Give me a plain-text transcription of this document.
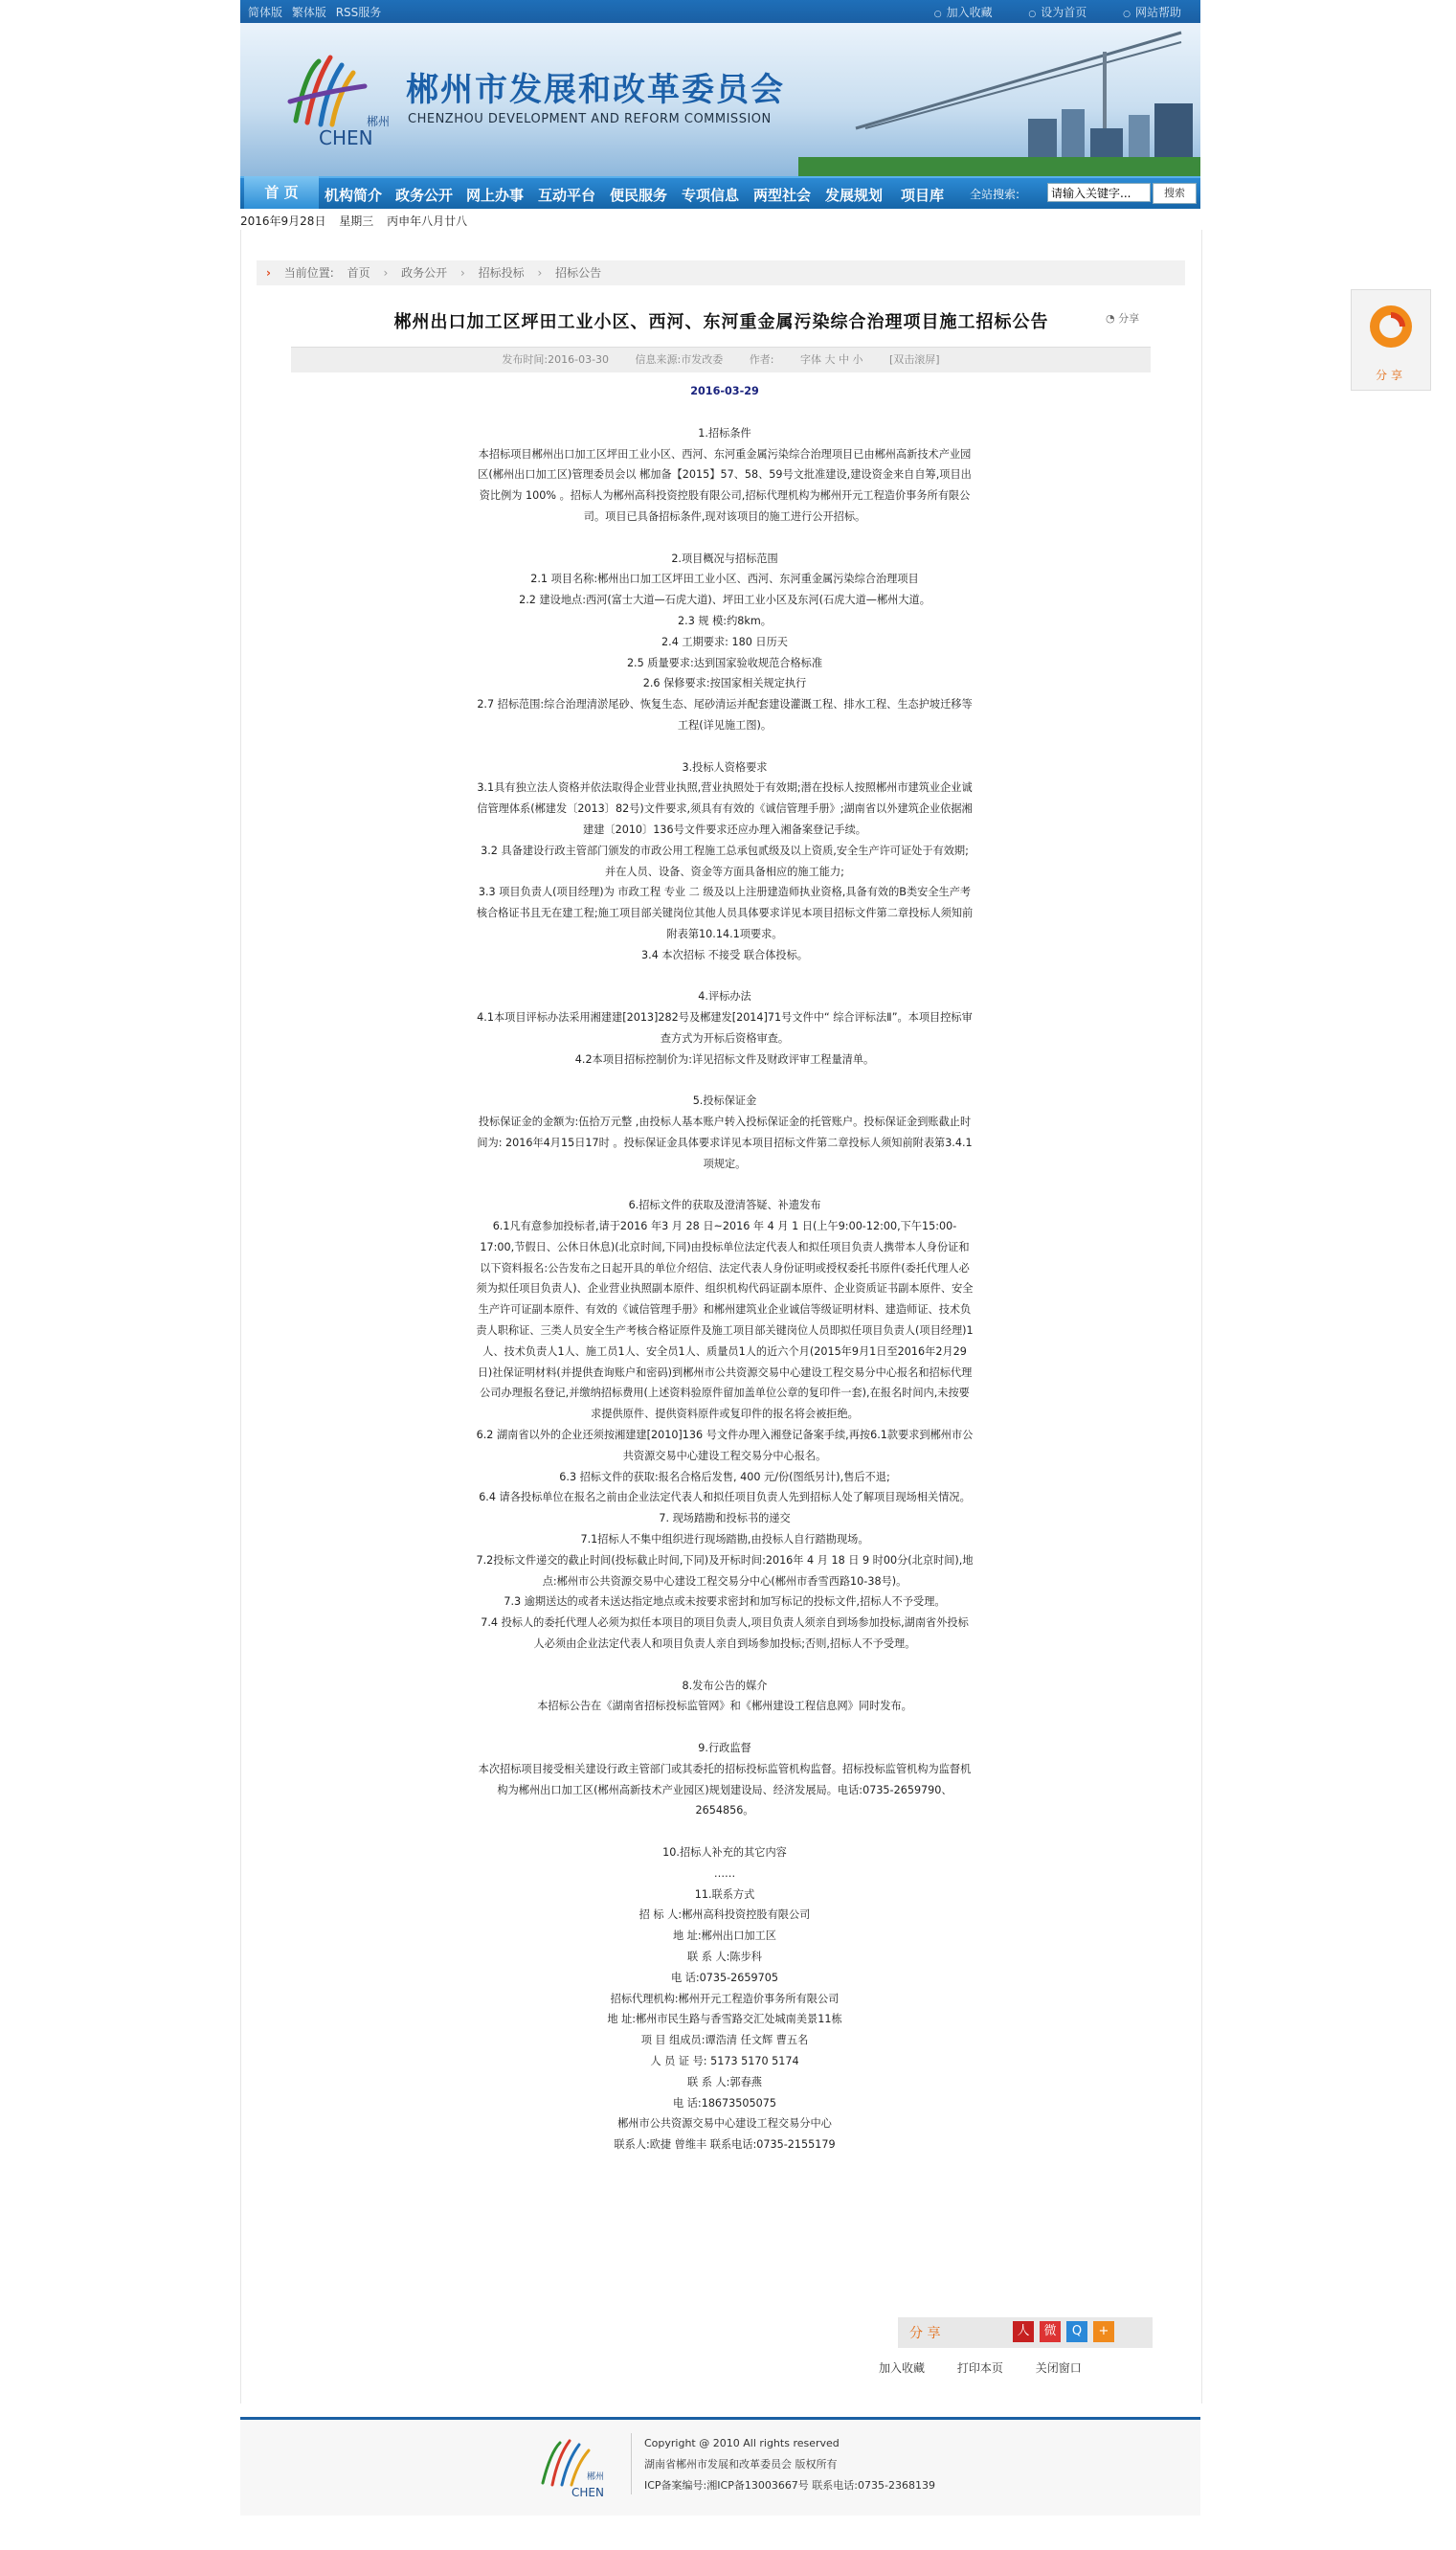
简体版 繁体版 RSS服务	○ 加入收藏	○ 设为首页	○ 网站帮助
郴州
CHEN
郴州市发展和改革委员会
CHENZHOU DEVELOPMENT AND REFORM COMMISSION
首 页	机构简介 政务公开 网上办事 互动平台 便民服务 专项信息 两型社会 发展规划 项目库 全站搜索:
请输入关键字...	搜索
2016年9月28日 星期三 丙申年八月廿八
› 当前位置: 首页 › 政务公开 › 招标投标 › 招标公告
郴州出口加工区坪田工业小区、西河、东河重金属污染综合治理项目施工招标公告	◔ 分享
发布时间:2016-03-30	信息来源:市发改委	作者:	字体 大 中 小	[双击滚屏]

2016-03-29

1.招标条件

本招标项目郴州出口加工区坪田工业小区、西河、东河重金属污染综合治理项目已由郴州高新技术产业园区(郴州出口加工区)管理委员会以 郴加备【2015】57、58、59号文批准建设,建设资金来自自筹,项目出资比例为 100% 。招标人为郴州高科投资控股有限公司,招标代理机构为郴州开元工程造价事务所有限公司。项目已具备招标条件,现对该项目的施工进行公开招标。

2.项目概况与招标范围

2.1 项目名称:郴州出口加工区坪田工业小区、西河、东河重金属污染综合治理项目

2.2 建设地点:西河(富士大道—石虎大道)、坪田工业小区及东河(石虎大道—郴州大道。

2.3 规 模:约8km。

2.4 工期要求: 180 日历天

2.5 质量要求:达到国家验收规范合格标准

2.6 保修要求:按国家相关规定执行

2.7 招标范围:综合治理清淤尾砂、恢复生态、尾砂清运并配套建设灌溉工程、排水工程、生态护坡迁移等工程(详见施工图)。

3.投标人资格要求

3.1具有独立法人资格并依法取得企业营业执照,营业执照处于有效期;潜在投标人按照郴州市建筑业企业诚信管理体系(郴建发〔2013〕82号)文件要求,须具有有效的《诚信管理手册》;湖南省以外建筑企业依据湘建建〔2010〕136号文件要求还应办理入湘备案登记手续。

3.2 具备建设行政主管部门颁发的市政公用工程施工总承包贰级及以上资质,安全生产许可证处于有效期;并在人员、设备、资金等方面具备相应的施工能力;

3.3 项目负责人(项目经理)为 市政工程 专业 二 级及以上注册建造师执业资格,具备有效的B类安全生产考核合格证书且无在建工程;施工项目部关键岗位其他人员具体要求详见本项目招标文件第二章投标人须知前附表第10.14.1项要求。

3.4 本次招标 不接受 联合体投标。

4.评标办法

4.1本项目评标办法采用湘建建[2013]282号及郴建发[2014]71号文件中“ 综合评标法Ⅱ”。本项目控标审查方式为开标后资格审查。

4.2本项目招标控制价为:详见招标文件及财政评审工程量清单。

5.投标保证金

投标保证金的金额为:伍拾万元整 ,由投标人基本账户转入投标保证金的托管账户。投标保证金到账截止时间为: 2016年4月15日17时 。投标保证金具体要求详见本项目招标文件第二章投标人须知前附表第3.4.1项规定。

6.招标文件的获取及澄清答疑、补遗发布

6.1凡有意参加投标者,请于2016 年3 月 28 日~2016 年 4 月 1 日(上午9:00-12:00,下午15:00-17:00,节假日、公休日休息)(北京时间,下同)由投标单位法定代表人和拟任项目负责人携带本人身份证和以下资料报名:公告发布之日起开具的单位介绍信、法定代表人身份证明或授权委托书原件(委托代理人必须为拟任项目负责人)、企业营业执照副本原件、组织机构代码证副本原件、企业资质证书副本原件、安全生产许可证副本原件、有效的《诚信管理手册》和郴州建筑业企业诚信等级证明材料、建造师证、技术负责人职称证、三类人员安全生产考核合格证原件及施工项目部关键岗位人员即拟任项目负责人(项目经理)1人、技术负责人1人、施工员1人、安全员1人、质量员1人的近六个月(2015年9月1日至2016年2月29日)社保证明材料(并提供查询账户和密码)到郴州市公共资源交易中心建设工程交易分中心报名和招标代理公司办理报名登记,并缴纳招标费用(上述资料验原件留加盖单位公章的复印件一套),在报名时间内,未按要求提供原件、提供资料原件或复印件的报名将会被拒绝。

6.2 湖南省以外的企业还须按湘建建[2010]136 号文件办理入湘登记备案手续,再按6.1款要求到郴州市公共资源交易中心建设工程交易分中心报名。

6.3 招标文件的获取:报名合格后发售, 400 元/份(图纸另计),售后不退;

6.4 请各投标单位在报名之前由企业法定代表人和拟任项目负责人先到招标人处了解项目现场相关情况。

7. 现场踏勘和投标书的递交

7.1招标人不集中组织进行现场踏勘,由投标人自行踏勘现场。

7.2投标文件递交的截止时间(投标截止时间,下同)及开标时间:2016年 4 月 18 日 9 时00分(北京时间),地点:郴州市公共资源交易中心建设工程交易分中心(郴州市香雪西路10-38号)。

7.3 逾期送达的或者未送达指定地点或未按要求密封和加写标记的投标文件,招标人不予受理。

7.4 投标人的委托代理人必须为拟任本项目的项目负责人,项目负责人须亲自到场参加投标,湖南省外投标人必须由企业法定代表人和项目负责人亲自到场参加投标;否则,招标人不予受理。

8.发布公告的媒介

本招标公告在《湖南省招标投标监管网》和《郴州建设工程信息网》同时发布。

9.行政监督

本次招标项目接受相关建设行政主管部门或其委托的招标投标监管机构监督。招标投标监管机构为监督机构为郴州出口加工区(郴州高新技术产业园区)规划建设局、经济发展局。电话:0735-2659790、2654856。

10.招标人补充的其它内容

……

11.联系方式

招 标 人:郴州高科投资控股有限公司

地 址:郴州出口加工区

联 系 人:陈步科

电 话:0735-2659705

招标代理机构:郴州开元工程造价事务所有限公司

地 址:郴州市民生路与香雪路交汇处城南美景11栋

项 目 组成员:谭浩清 任文辉 曹五名

人 员 证 号: 5173 5170 5174

联 系 人:郭春燕

电 话:18673505075

郴州市公共资源交易中心建设工程交易分中心

联系人:欧捷 曾维丰 联系电话:0735-2155179

分 享	人	微	Q	+
加入收藏	打印本页	关闭窗口
CHEN
郴州
Copyright @ 2010 All rights reserved
湖南省郴州市发展和改革委员会 版权所有
ICP备案编号:湘ICP备13003667号 联系电话:0735-2368139
分享
